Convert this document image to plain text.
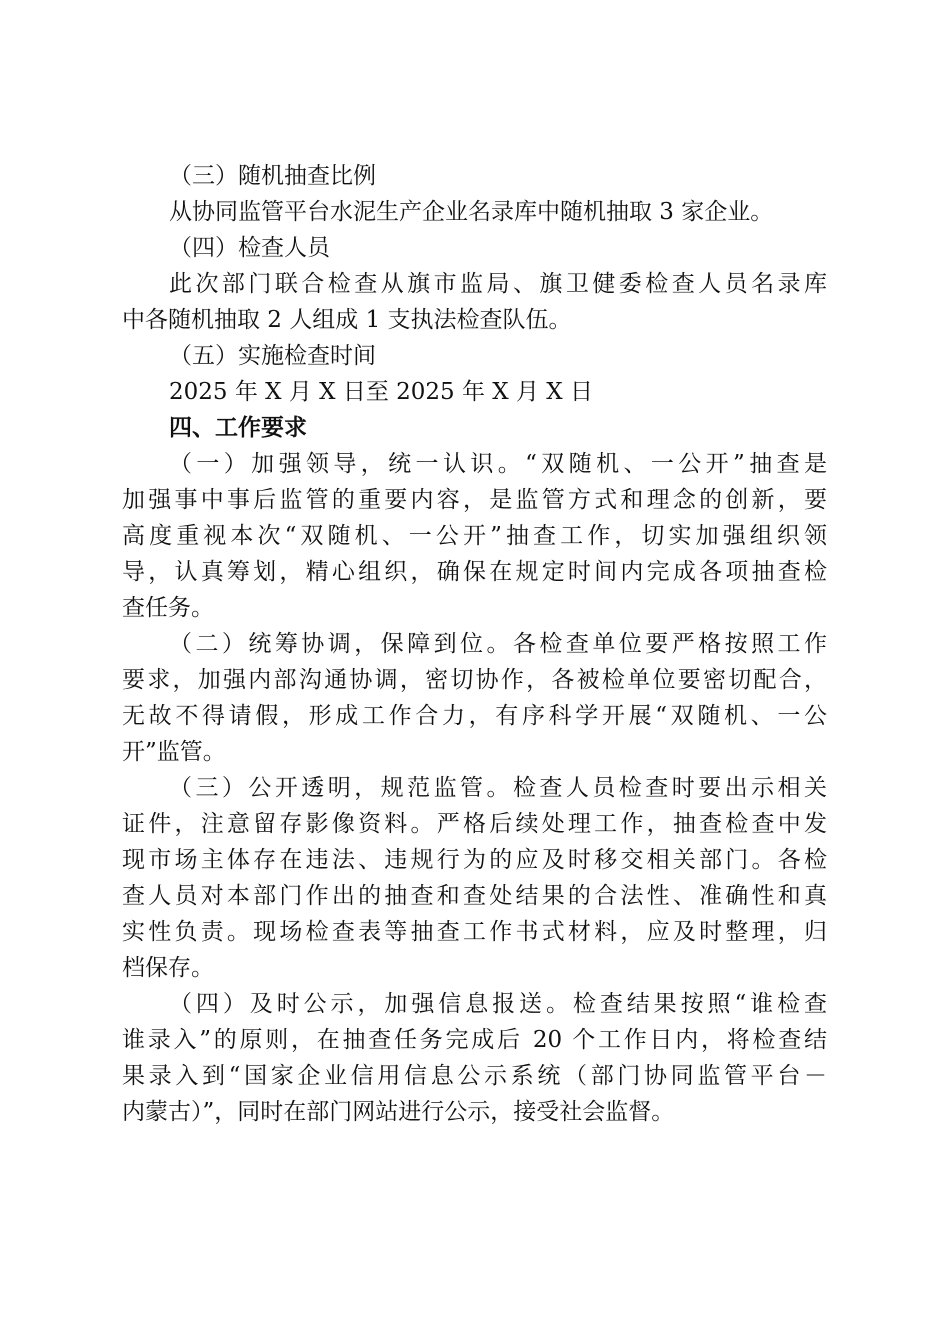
（三）随机抽查比例
从协同监管平台水泥生产企业名录库中随机抽取 3 家企业。
（四）检查人员
此次部门联合检查从旗市监局、旗卫健委检查人员名录库
中各随机抽取 2 人组成 1 支执法检查队伍。
（五）实施检查时间
2025 年 X 月 X 日至 2025 年 X 月 X 日
四、工作要求
（一）加强领导，统一认识。“双随机、一公开”抽查是
加强事中事后监管的重要内容，是监管方式和理念的创新，要
高度重视本次“双随机、一公开”抽查工作，切实加强组织领
导，认真筹划，精心组织，确保在规定时间内完成各项抽查检
查任务。
（二）统筹协调，保障到位。各检查单位要严格按照工作
要求，加强内部沟通协调，密切协作，各被检单位要密切配合，
无故不得请假，形成工作合力，有序科学开展“双随机、一公
开”监管。
（三）公开透明，规范监管。检查人员检查时要出示相关
证件，注意留存影像资料。严格后续处理工作，抽查检查中发
现市场主体存在违法、违规行为的应及时移交相关部门。各检
查人员对本部门作出的抽查和查处结果的合法性、准确性和真
实性负责。现场检查表等抽查工作书式材料，应及时整理，归
档保存。
（四）及时公示，加强信息报送。检查结果按照“谁检查
谁录入”的原则，在抽查任务完成后 20 个工作日内，将检查结
果录入到“国家企业信用信息公示系统（部门协同监管平台－
内蒙古）”，同时在部门网站进行公示，接受社会监督。
